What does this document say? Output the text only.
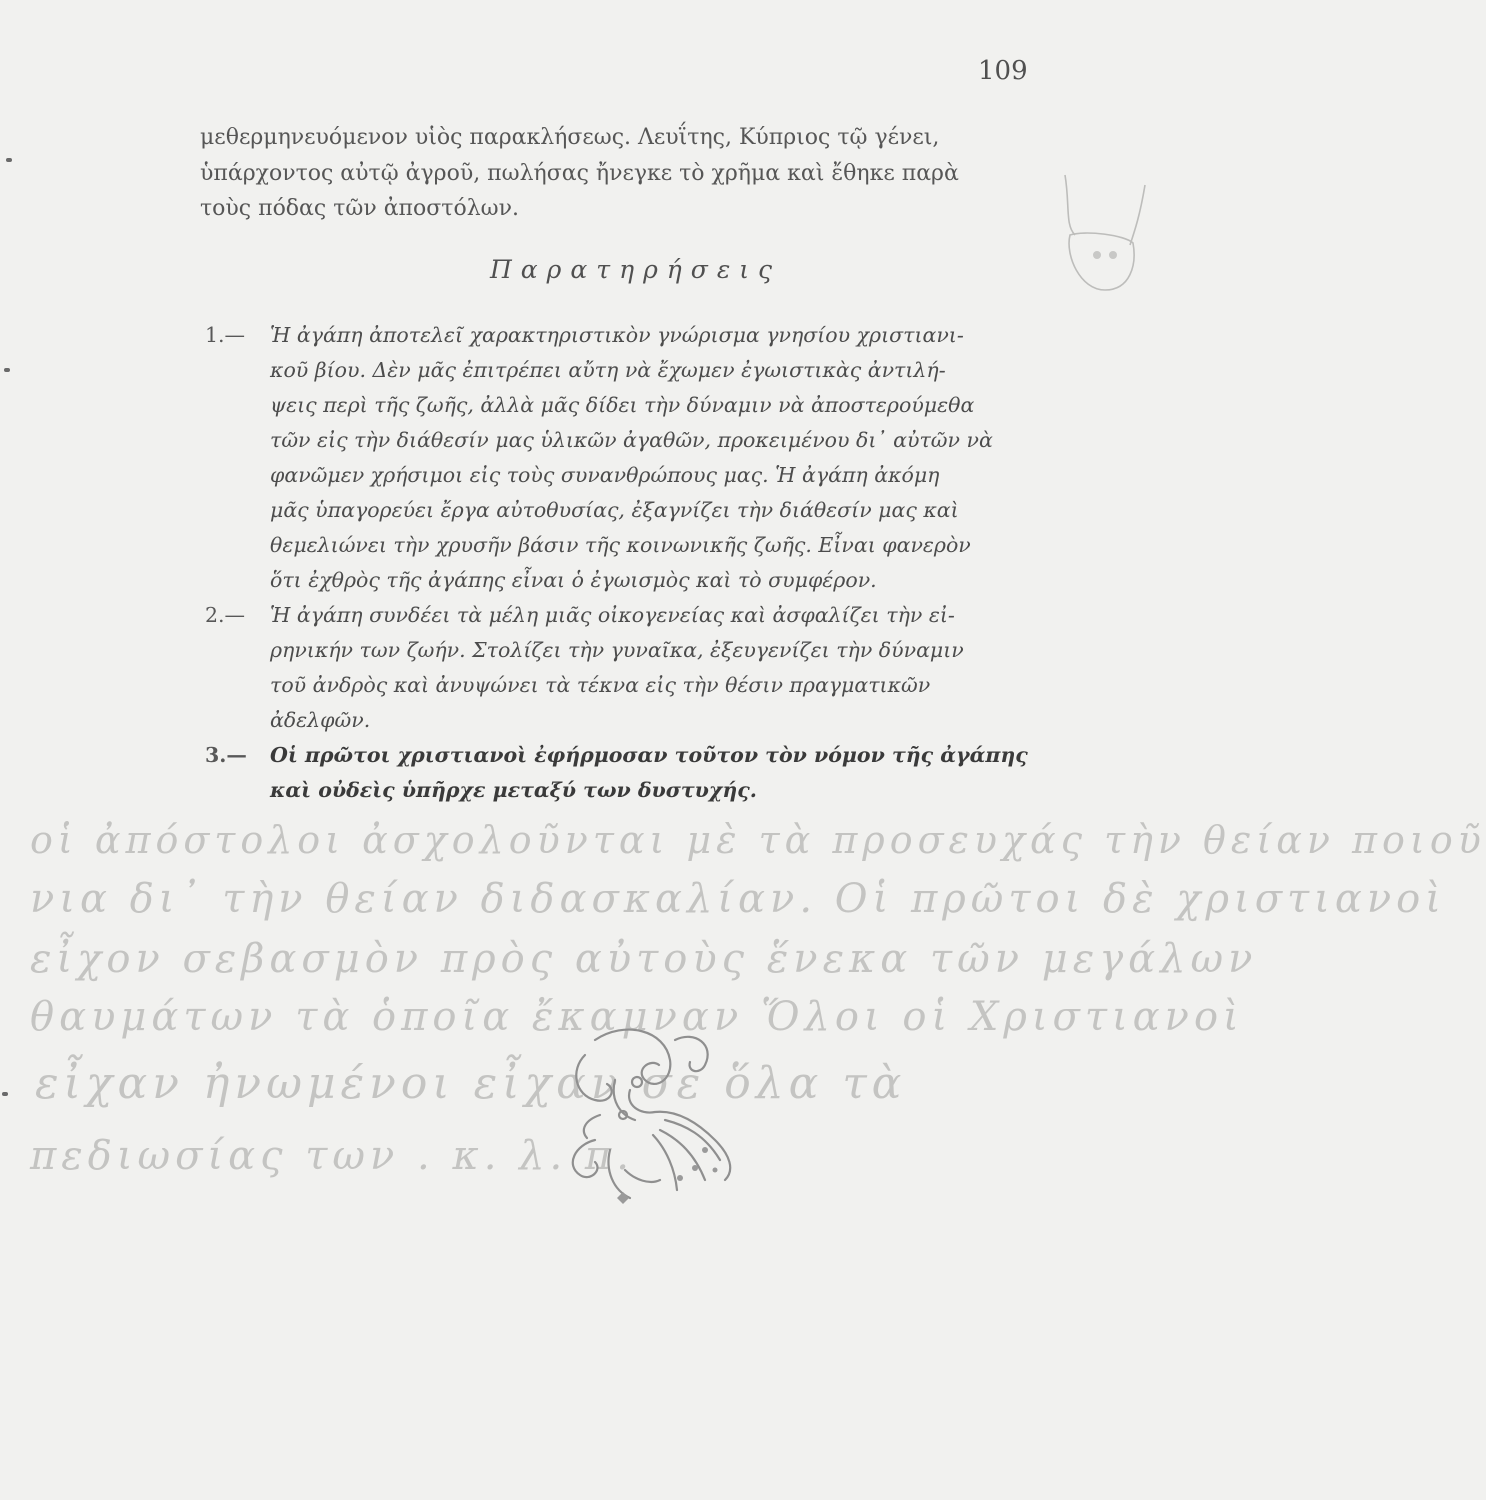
109
μεθερμηνευόμενον υἱὸς παρακλήσεως. Λευΐτης, Κύπριος τῷ γένει,
ὑπάρχοντος αὐτῷ ἀγροῦ, πωλήσας ἤνεγκε τὸ χρῆμα καὶ ἔθηκε παρὰ
τοὺς πόδας τῶν ἀποστόλων.
Παρατηρήσεις
1.— Ἡ ἀγάπη ἀποτελεῖ χαρακτηριστικὸν γνώρισμα γνησίου χριστιανι-
κοῦ βίου. Δὲν μᾶς ἐπιτρέπει αὔτη νὰ ἔχωμεν ἐγωιστικὰς ἀντιλή-
ψεις περὶ τῆς ζωῆς, ἀλλὰ μᾶς δίδει τὴν δύναμιν νὰ ἀποστερούμεθα
τῶν εἰς τὴν διάθεσίν μας ὑλικῶν ἀγαθῶν, προκειμένου δι᾽ αὐτῶν νὰ
φανῶμεν χρήσιμοι εἰς τοὺς συνανθρώπους μας. Ἡ ἀγάπη ἀκόμη
μᾶς ὑπαγορεύει ἔργα αὐτοθυσίας, ἐξαγνίζει τὴν διάθεσίν μας καὶ
θεμελιώνει τὴν χρυσῆν βάσιν τῆς κοινωνικῆς ζωῆς. Εἶναι φανερὸν
ὅτι ἐχθρὸς τῆς ἀγάπης εἶναι ὁ ἐγωισμὸς καὶ τὸ συμφέρον.
2.— Ἡ ἀγάπη συνδέει τὰ μέλη μιᾶς οἰκογενείας καὶ ἀσφαλίζει τὴν εἰ-
ρηνικήν των ζωήν. Στολίζει τὴν γυναῖκα, ἐξευγενίζει τὴν δύναμιν
τοῦ ἀνδρὸς καὶ ἀνυψώνει τὰ τέκνα εἰς τὴν θέσιν πραγματικῶν
ἀδελφῶν.
3.— Οἱ πρῶτοι χριστιανοὶ ἐφήρμοσαν τοῦτον τὸν νόμον τῆς ἀγάπης
καὶ οὐδεὶς ὑπῆρχε μεταξύ των δυστυχής.
οἱ ἀπόστολοι ἀσχολοῦνται μὲ τὰ προσευχάς τὴν θείαν ποιοῦ
νια δι᾽ τὴν θείαν διδασκαλίαν. Οἱ πρῶτοι δὲ χριστιανοὶ
εἶχον σεβασμὸν πρὸς αὐτοὺς ἕνεκα τῶν μεγάλων
θαυμάτων τὰ ὁποῖα ἔκαμναν Ὅλοι οἱ Χριστιανοὶ
εἶχαν ἠνωμένοι εἶχαν σε ὅλα τὰ
πεδιωσίας των . κ. λ. π.
